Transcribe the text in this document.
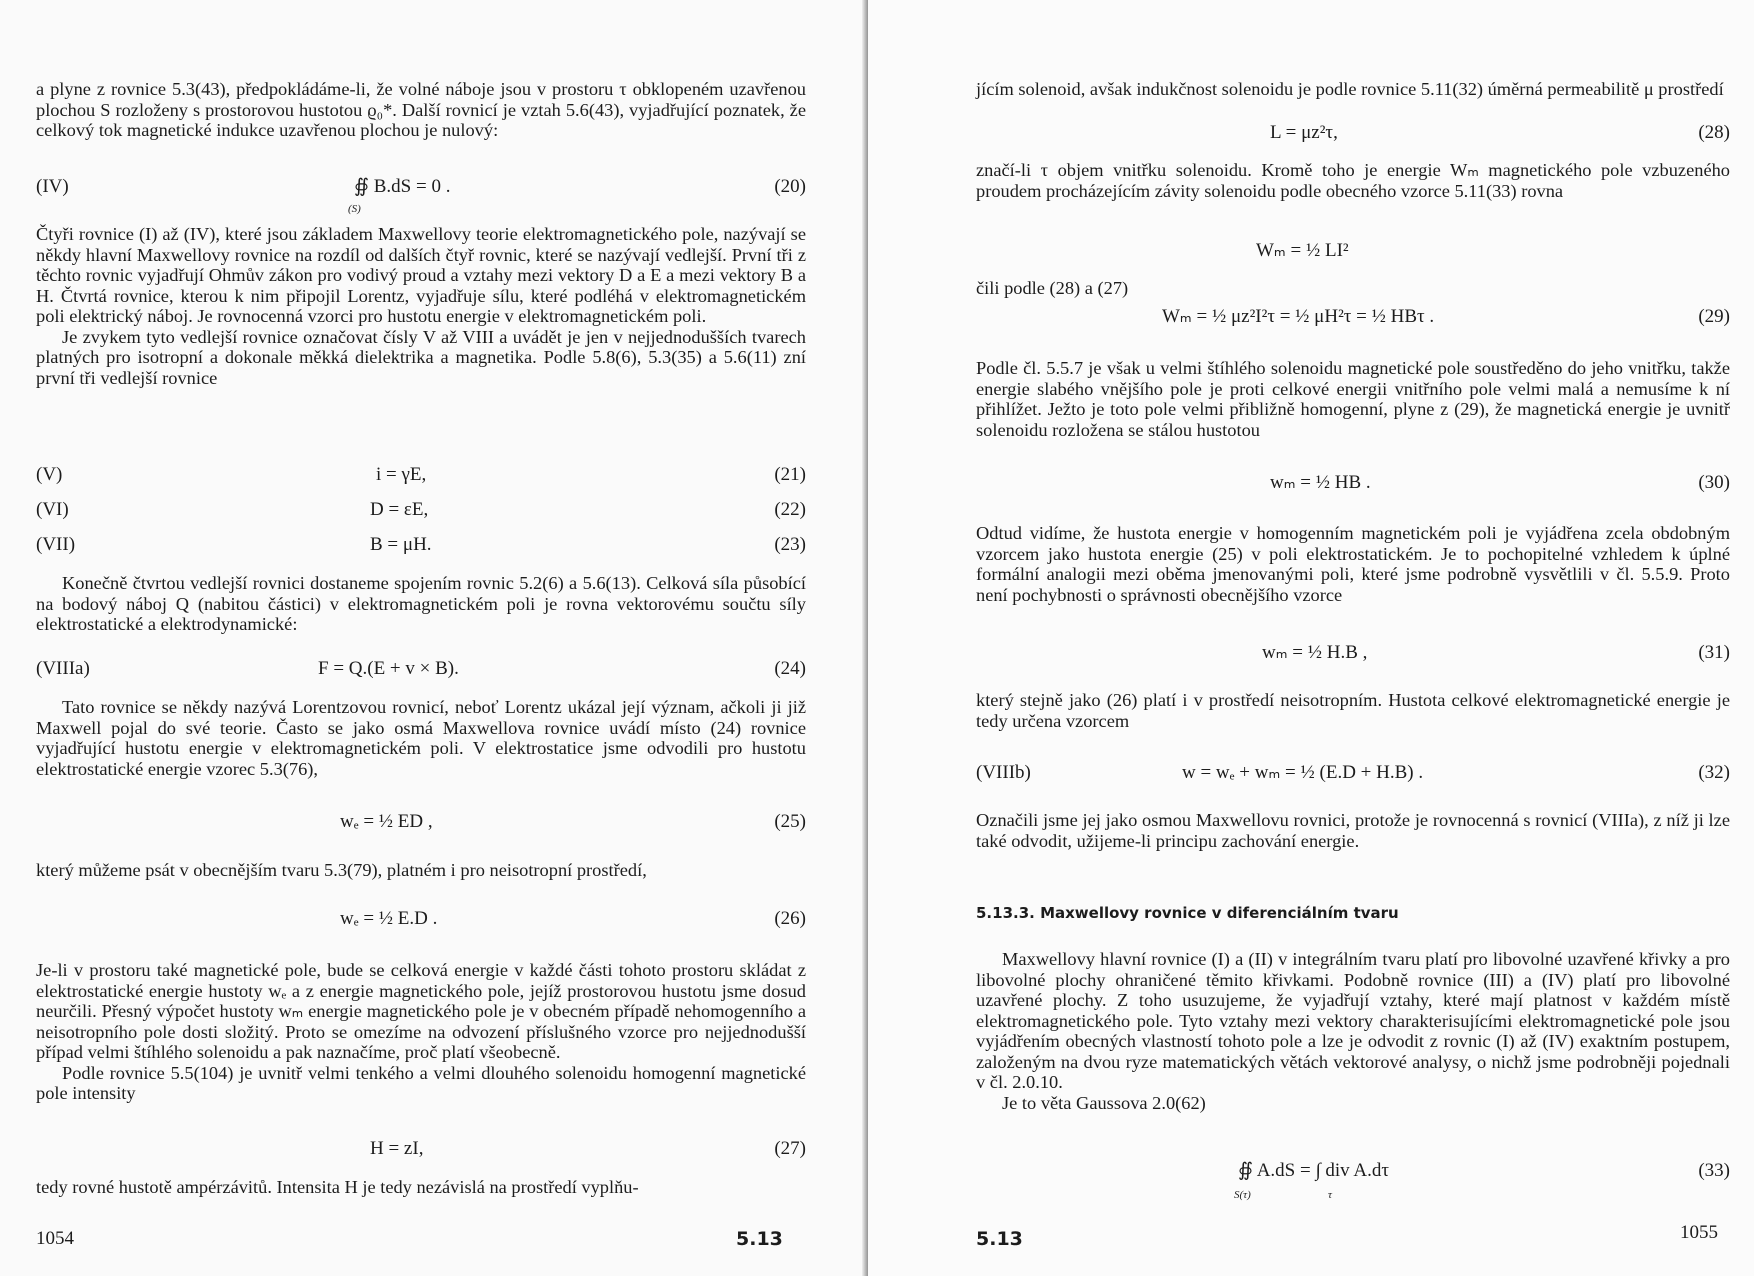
a plyne z rovnice 5.3(43), předpokládáme-li, že volné náboje jsou v prostoru τ obklopeném uzavřenou plochou S rozloženy s prostorovou hustotou ϱ₀*. Další rovnicí je vztah 5.6(43), vyjadřující poznatek, že celkový tok magnetické indukce uzavřenou plochou je nulový:

(IV)	∯ B.dS = 0 .
(S)
(20)

Čtyři rovnice (I) až (IV), které jsou základem Maxwellovy teorie elektromagnetického pole, nazývají se někdy hlavní Maxwellovy rovnice na rozdíl od dalších čtyř rovnic, které se nazývají vedlejší. První tři z těchto rovnic vyjadřují Ohmův zákon pro vodivý proud a vztahy mezi vektory D a E a mezi vektory B a H. Čtvrtá rovnice, kterou k nim připojil Lorentz, vyjadřuje sílu, které podléhá v elektromagnetickém poli elektrický náboj. Je rovnocenná vzorci pro hustotu energie v elektromagnetickém poli.

Je zvykem tyto vedlejší rovnice označovat čísly V až VIII a uvádět je jen v nejjednodušších tvarech platných pro isotropní a dokonale měkká dielektrika a magnetika. Podle 5.8(6), 5.3(35) a 5.6(11) zní první tři vedlejší rovnice

(V)	i = γE,	(21)
(VI)	D = εE,	(22)
(VII)	B = μH.	(23)

Konečně čtvrtou vedlejší rovnici dostaneme spojením rovnic 5.2(6) a 5.6(13). Celková síla působící na bodový náboj Q (nabitou částici) v elektromagnetickém poli je rovna vektorovému součtu síly elektrostatické a elektrodynamické:

(VIIIa)	F = Q.(E + v × B).	(24)

Tato rovnice se někdy nazývá Lorentzovou rovnicí, neboť Lorentz ukázal její význam, ačkoli ji již Maxwell pojal do své teorie. Často se jako osmá Maxwellova rovnice uvádí místo (24) rovnice vyjadřující hustotu energie v elektromagnetickém poli. V elektrostatice jsme odvodili pro hustotu elektrostatické energie vzorec 5.3(76),

wₑ = ½ ED ,	(25)

který můžeme psát v obecnějším tvaru 5.3(79), platném i pro neisotropní prostředí,

wₑ = ½ E.D .	(26)

Je-li v prostoru také magnetické pole, bude se celková energie v každé části tohoto prostoru skládat z elektrostatické energie hustoty wₑ a z energie magnetického pole, jejíž prostorovou hustotu jsme dosud neurčili. Přesný výpočet hustoty wₘ energie magnetického pole je v obecném případě nehomogenního a neisotropního pole dosti složitý. Proto se omezíme na odvození příslušného vzorce pro nejjednodušší případ velmi štíhlého solenoidu a pak naznačíme, proč platí všeobecně.

Podle rovnice 5.5(104) je uvnitř velmi tenkého a velmi dlouhého solenoidu homogenní magnetické pole intensity

H = zI,	(27)

tedy rovné hustotě ampérzávitů. Intensita H je tedy nezávislá na prostředí vyplňu-

1054	5.13

jícím solenoid, avšak indukčnost solenoidu je podle rovnice 5.11(32) úměrná permeabilitě μ prostředí

L = μz²τ,	(28)

značí-li τ objem vnitřku solenoidu. Kromě toho je energie Wₘ magnetického pole vzbuzeného proudem procházejícím závity solenoidu podle obecného vzorce 5.11(33) rovna

Wₘ = ½ LI²

čili podle (28) a (27)

Wₘ = ½ μz²I²τ = ½ μH²τ = ½ HBτ .	(29)

Podle čl. 5.5.7 je však u velmi štíhlého solenoidu magnetické pole soustředěno do jeho vnitřku, takže energie slabého vnějšího pole je proti celkové energii vnitřního pole velmi malá a nemusíme k ní přihlížet. Ježto je toto pole velmi přibližně homogenní, plyne z (29), že magnetická energie je uvnitř solenoidu rozložena se stálou hustotou

wₘ = ½ HB .	(30)

Odtud vidíme, že hustota energie v homogenním magnetickém poli je vyjádřena zcela obdobným vzorcem jako hustota energie (25) v poli elektrostatickém. Je to pochopitelné vzhledem k úplné formální analogii mezi oběma jmenovanými poli, které jsme podrobně vysvětlili v čl. 5.5.9. Proto není pochybnosti o správnosti obecnějšího vzorce

wₘ = ½ H.B ,	(31)

který stejně jako (26) platí i v prostředí neisotropním. Hustota celkové elektromagnetické energie je tedy určena vzorcem

(VIIIb)	w = wₑ + wₘ = ½ (E.D + H.B) .	(32)

Označili jsme jej jako osmou Maxwellovu rovnici, protože je rovnocenná s rovnicí (VIIIa), z níž ji lze také odvodit, užijeme-li principu zachování energie.

5.13.3. Maxwellovy rovnice v diferenciálním tvaru

Maxwellovy hlavní rovnice (I) a (II) v integrálním tvaru platí pro libovolné uzavřené křivky a pro libovolné plochy ohraničené těmito křivkami. Podobně rovnice (III) a (IV) platí pro libovolné uzavřené plochy. Z toho usuzujeme, že vyjadřují vztahy, které mají platnost v každém místě elektromagnetického pole. Tyto vztahy mezi vektory charakterisujícími elektromagnetické pole jsou vyjádřením obecných vlastností tohoto pole a lze je odvodit z rovnic (I) až (IV) exaktním postupem, založeným na dvou ryze matematických větách vektorové analysy, o nichž jsme podrobněji pojednali v čl. 2.0.10.

Je to věta Gaussova 2.0(62)

∯ A.dS = ∫ div A.dτ
S(τ)	τ
(33)
5.13	1055
